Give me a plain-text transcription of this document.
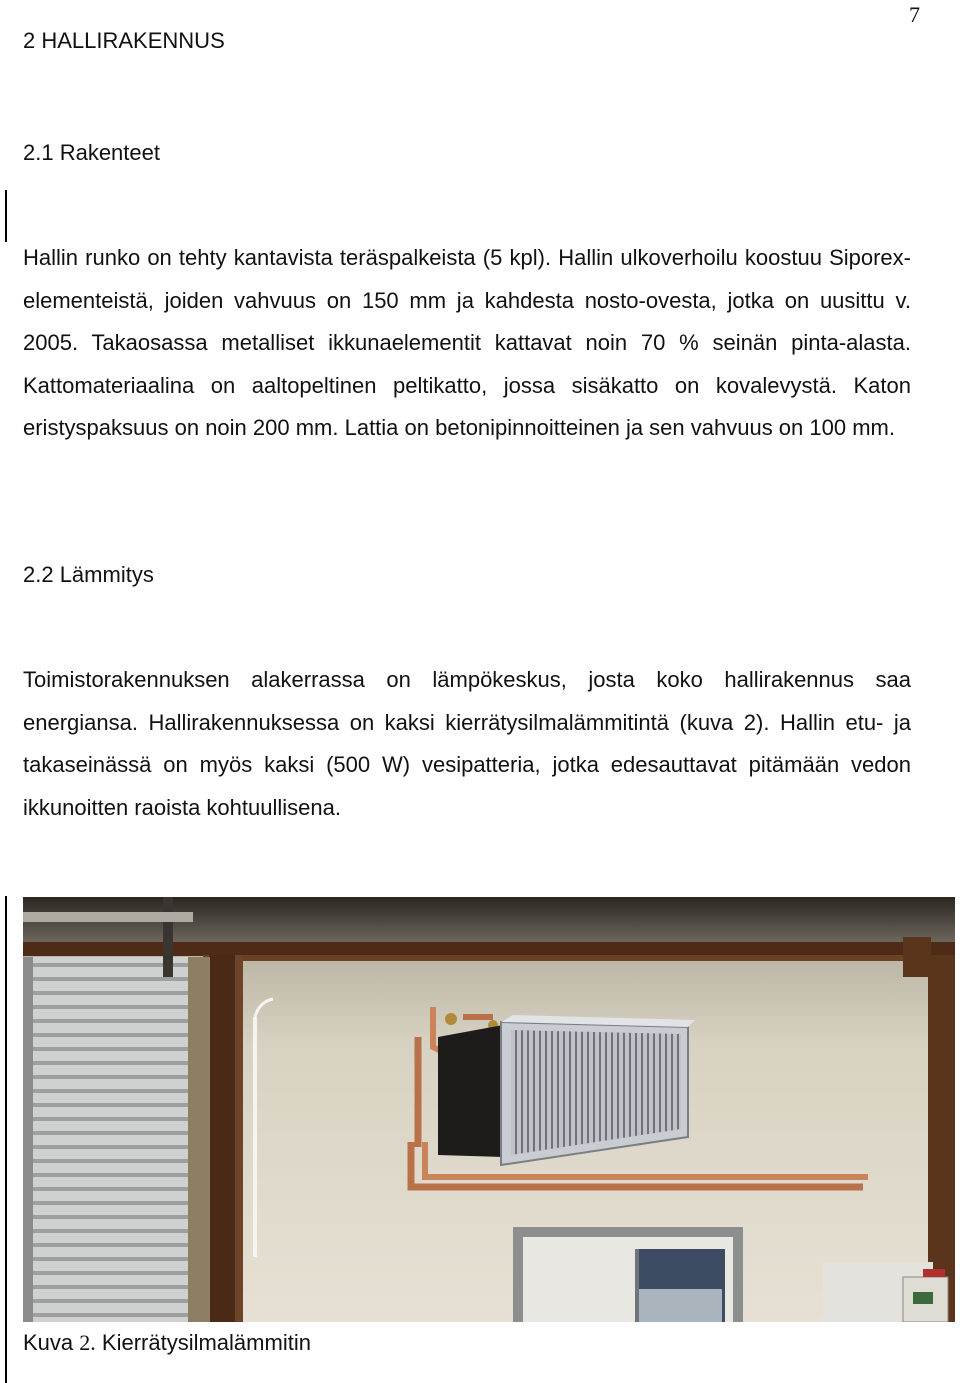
7
2 HALLIRAKENNUS
2.1 Rakenteet
Hallin runko on tehty kantavista teräspalkeista (5 kpl). Hallin ulkoverhoilu koostuu Siporex-elementeistä, joiden vahvuus on 150 mm ja kahdesta nosto-ovesta, jotka on uusittu v. 2005. Takaosassa metalliset ikkunaelementit kattavat noin 70 % seinän pinta-alasta. Kattomateriaalina on aaltopeltinen peltikatto, jossa sisäkatto on kovalevystä. Katon eristyspaksuus on noin 200 mm. Lattia on betonipinnoitteinen ja sen vahvuus on 100 mm.
2.2 Lämmitys
Toimistorakennuksen alakerrassa on lämpökeskus, josta koko hallirakennus saa energiansa. Hallirakennuksessa on kaksi kierrätysilmalämmitintä (kuva 2). Hallin etu- ja takaseinässä on myös kaksi (500 W) vesipatteria, jotka edesauttavat pitämään vedon ikkunoitten raoista kohtuullisena.
Kuva 2. Kierrätysilmalämmitin
